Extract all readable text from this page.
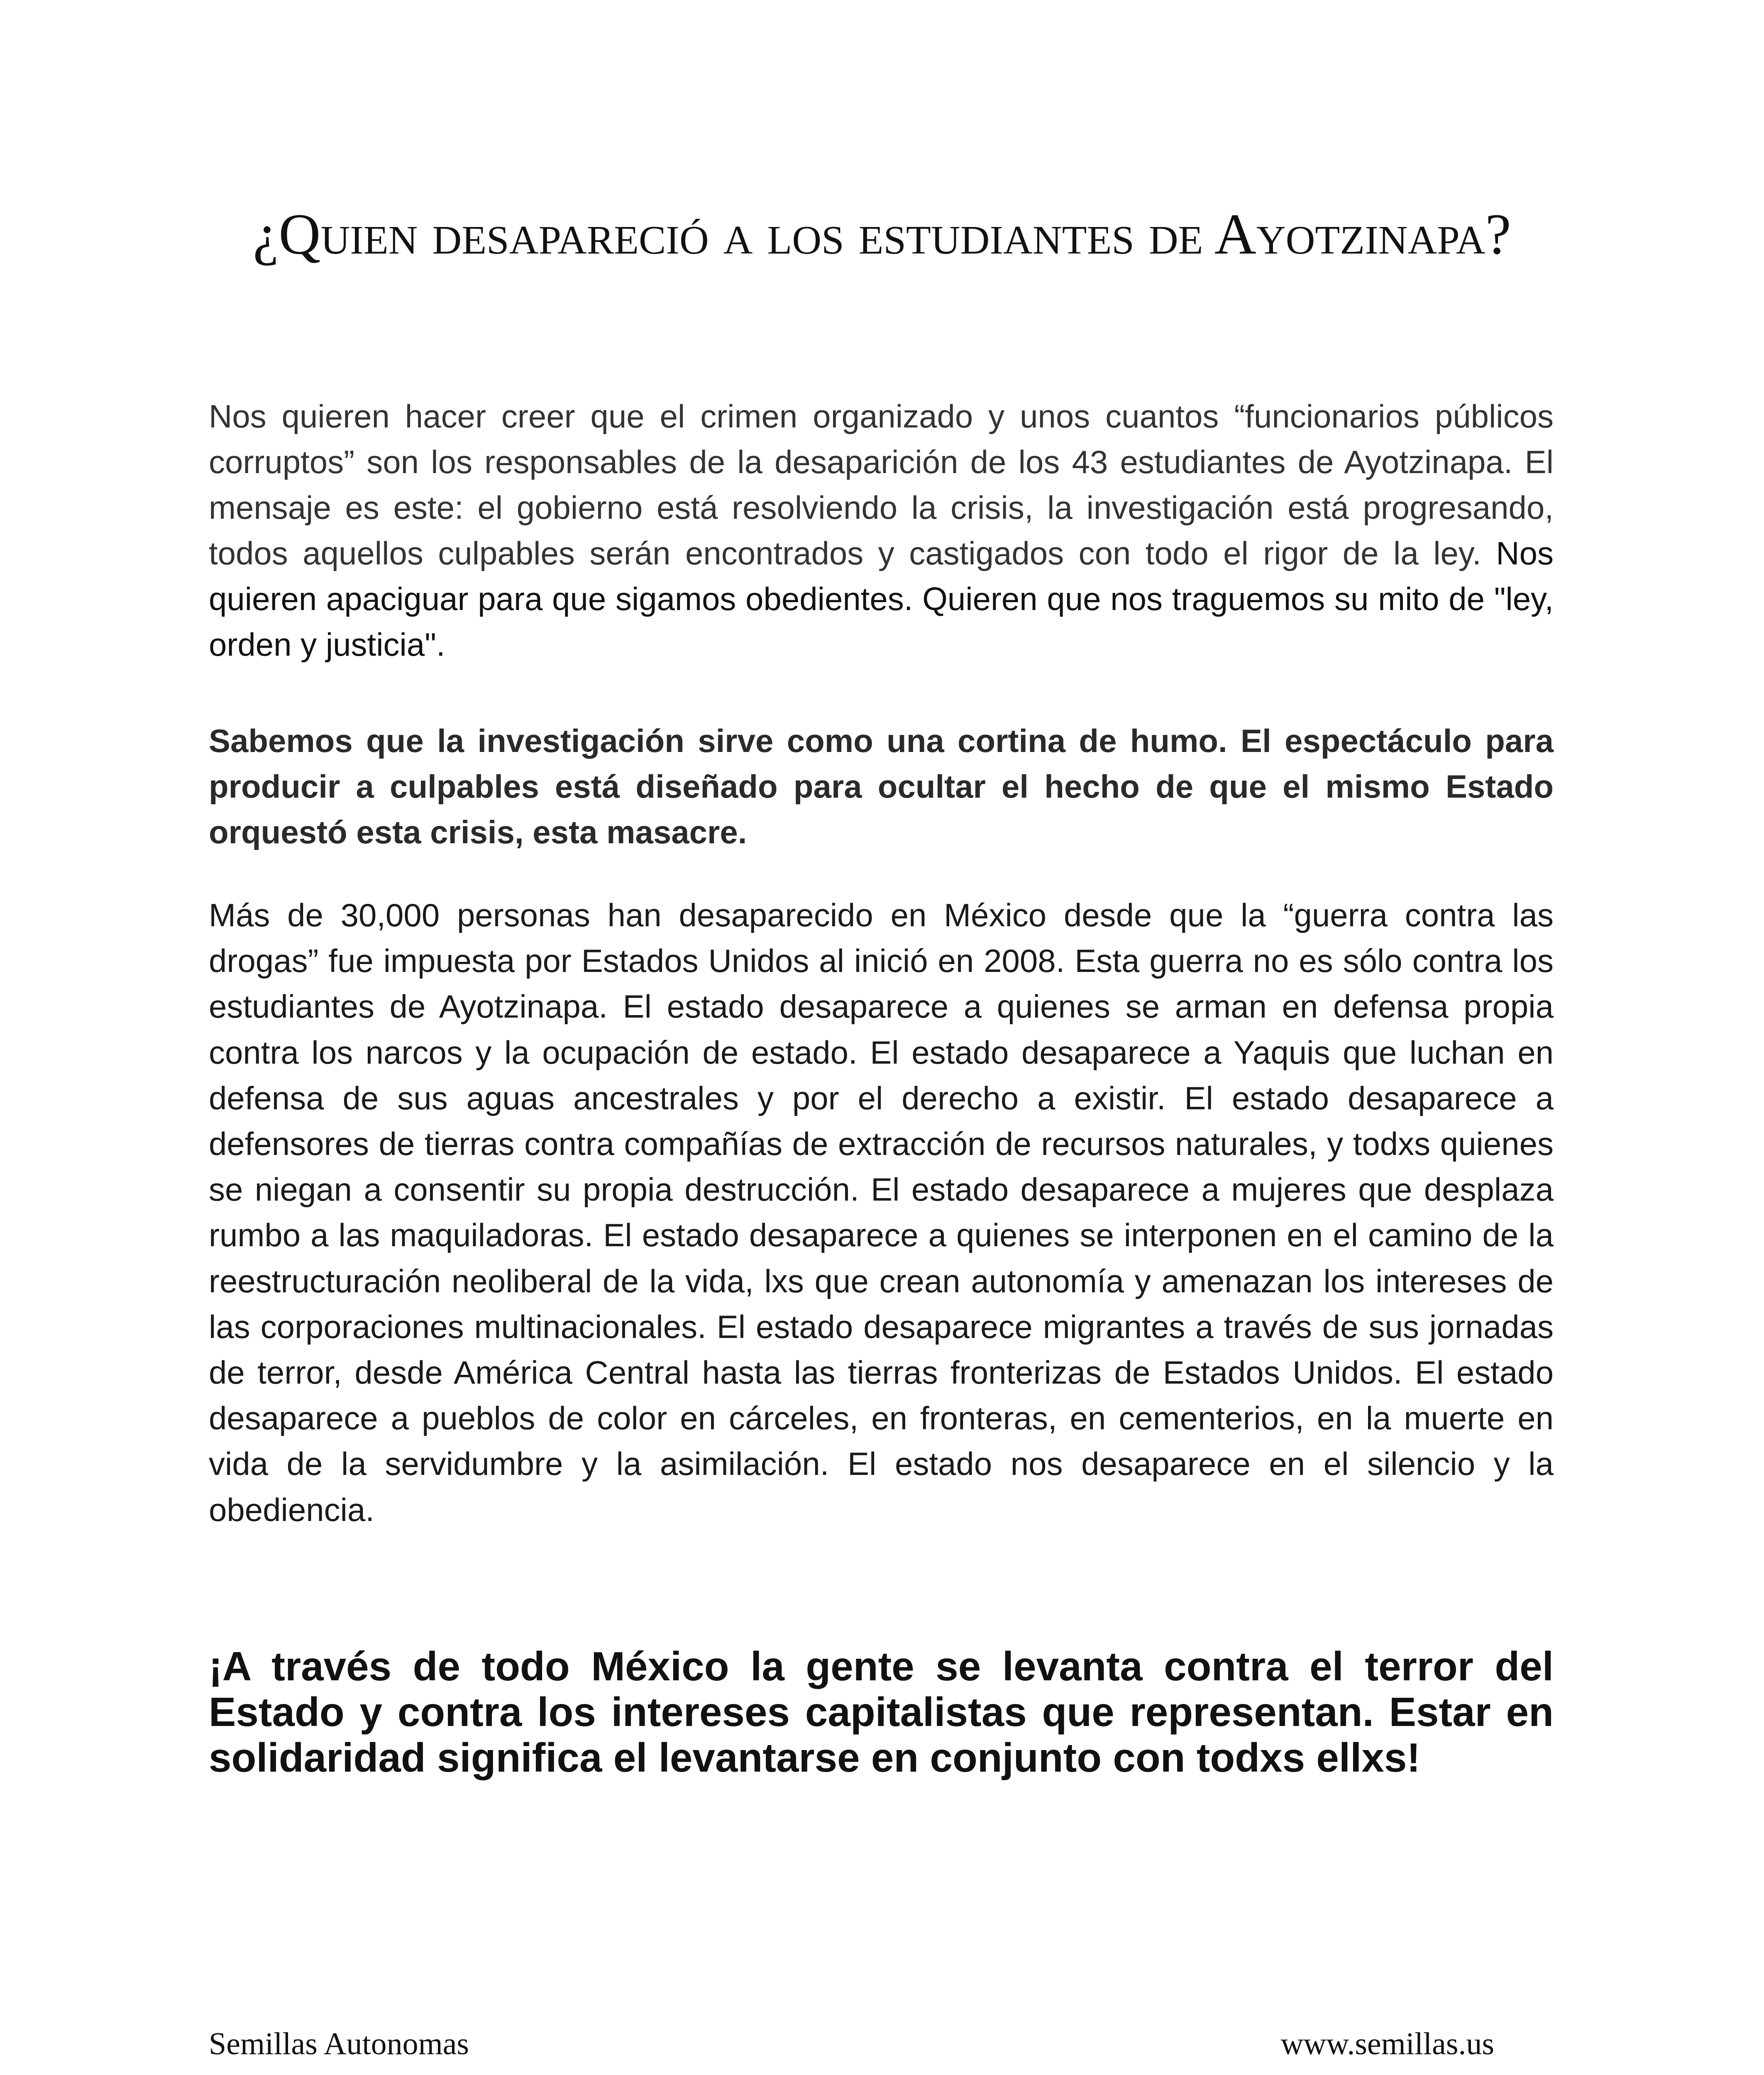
¿Quien desapareció a los estudiantes de Ayotzinapa?

Nos quieren hacer creer que el crimen organizado y unos cuantos “funcionarios públicos corruptos” son los responsables de la desaparición de los 43 estudiantes de Ayotzinapa. El mensaje es este: el gobierno está resolviendo la crisis, la investigación está progresando, todos aquellos culpables serán encontrados y castigados con todo el rigor de la ley. Nos quieren apaciguar para que sigamos obedientes. Quieren que nos traguemos su mito de "ley, orden y justicia".

Sabemos que la investigación sirve como una cortina de humo. El espectáculo para producir a culpables está diseñado para ocultar el hecho de que el mismo Estado orquestó esta crisis, esta masacre.

Más de 30,000 personas han desaparecido en México desde que la “guerra contra las drogas” fue impuesta por Estados Unidos al inició en 2008. Esta guerra no es sólo contra los estudiantes de Ayotzinapa. El estado desaparece a quienes se arman en defensa propia contra los narcos y la ocupación de estado. El estado desaparece a Yaquis que luchan en defensa de sus aguas ancestrales y por el derecho a existir. El estado desaparece a defensores de tierras contra compañías de extracción de recursos naturales, y todxs quienes se niegan a consentir su propia destrucción. El estado desaparece a mujeres que desplaza rumbo a las maquiladoras. El estado desaparece a quienes se interponen en el camino de la reestructuración neoliberal de la vida, lxs que crean autonomía y amenazan los intereses de las corporaciones multinacionales. El estado desaparece migrantes a través de sus jornadas de terror, desde América Central hasta las tierras fronterizas de Estados Unidos. El estado desaparece a pueblos de color en cárceles, en fronteras, en cementerios, en la muerte en vida de la servidumbre y la asimilación. El estado nos desaparece en el silencio y la obediencia.

¡A través de todo México la gente se levanta contra el terror del Estado y contra los intereses capitalistas que representan. Estar en solidaridad significa el levantarse en conjunto con todxs ellxs!

Semillas Autonomas	www.semillas.us
